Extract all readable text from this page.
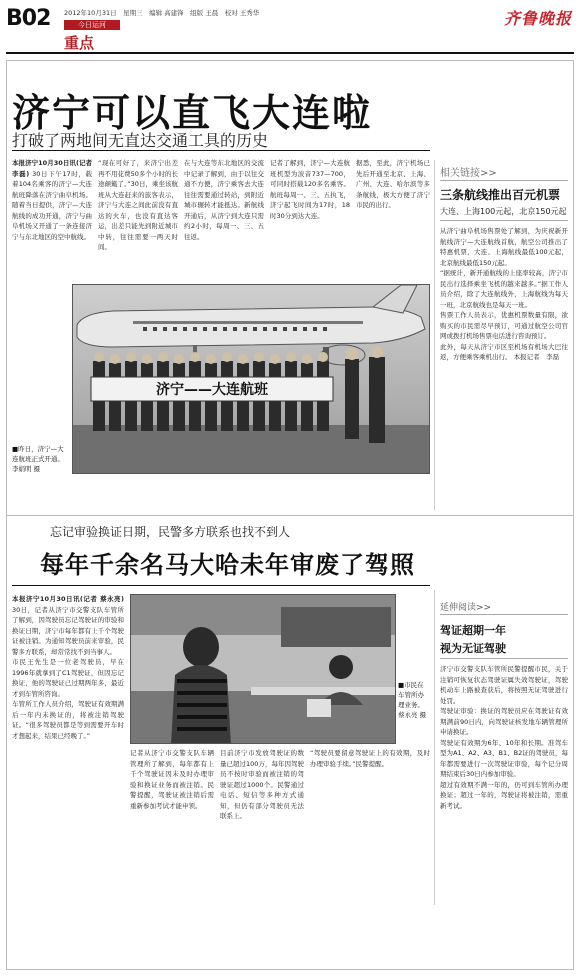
B02 2012年10月31日　星期三　编辑 高建锋　组版 王晨　校对 王秀华
今日运河
重点
齐鲁晚报
济宁可以直飞大连啦
打破了两地间无直达交通工具的历史
本报济宁10月30日讯(记者 李磊) 30日下午17时，载着104名乘客的济宁—大连航班降落在济宁曲阜机场。随着当日提供，济宁—大连航线的成功开通，济宁与曲阜机场又开通了一条连接济宁与东北地区的空中航线。
“现在可好了，来济宁出差再不用花费50多个小时的长途颠簸了。”30日，乘坐该航班从大连赶来的旅客表示，济宁与大连之间此前没有直达的火车，也没有直达客运，出差只能先到附近城市中转，往往需要一两天时间。
在与大连等东北地区的交流中记录了解到，由于以往交通不方便，济宁乘客去大连往往需要通过转站，到附近城市辗转才能抵达。新航线开通后，从济宁到大连只需约2小时，每周一、三、五往返。
记者了解到，济宁—大连航班机型为波音737—700，可同时搭载120多名乘客。航班每周一、三、五执飞，济宁起飞时间为17时，18时30分到达大连。
据悉，至此，济宁机场已先后开通至北京、上海、广州、大连、哈尔滨等多条航线，极大方便了济宁市民的出行。
济宁——大连航班
■昨日，济宁—大连航班正式开通。 李娟明 摄
相关链接>>
三条航线推出百元机票
大连、上海100元起，北京150元起

从济宁曲阜机场售票处了解到，为庆祝新开航线济宁—大连航线首航，航空公司推出了特惠机票，大连、上海航线最低100元起，北京航线最低150元起。

“据统计，新开通航线的上座率较高，济宁市民出行选择乘坐飞机的越来越多。”据工作人员介绍，除了大连航线外，上海航线为每天一班，北京航线也是每天一班。

售票工作人员表示，优惠机票数量有限，欲购买的市民需尽早预订，可通过航空公司官网或拨打机场售票电话进行咨询预订。

此外，每天从济宁市区至机场有机场大巴往返，方便乘客乘机出行。 本报记者　李磊

忘记审验换证日期，民警多方联系也找不到人
每年千余名马大哈未年审废了驾照
本报济宁10月30日讯(记者 蔡永亮) 30日，记者从济宁市交警支队车管所了解到，因驾驶员忘记驾驶证的审验和换证日期，济宁市每年都有上千个驾驶证被注销。为通知驾驶员前来审验，民警多方联系，却常常找不到当事人。

市民王先生是一位老驾驶员，早在1996年就拿到了C1驾驶证，但因忘记换证，他的驾驶证已过期两年多，最近才到车管所咨询。

车管所工作人员介绍，驾驶证有效期满后一年内未换证的，将被注销驾驶证。“很多驾驶员都是等到需要开车时才想起来，结果已经晚了。”

■市民在车管所办理业务。 蔡永亮 摄

记者从济宁市交警支队车辆管理所了解到，每年都有上千个驾驶证因未及时办理审验和换证业务而被注销。民警提醒，驾驶证被注销后需重新参加考试才能申领。

目前济宁市发放驾驶证的数量已超过100万，每年因驾驶员不按时审验而被注销的驾驶证超过1000个。民警通过电话、短信等多种方式通知，但仍有部分驾驶员无法联系上。

“驾驶员要留意驾驶证上的有效期，及时办理审验手续。”民警提醒。

延伸阅读>>
驾证超期一年
视为无证驾驶

济宁市交警支队车管所民警提醒市民，关于注销可恢复状态驾驶证属失效驾驶证，驾驶机动车上路被查获后，将按照无证驾驶进行处罚。

驾驶证审验：换证的驾驶员应在驾驶证有效期满前90日内，向驾驶证核发地车辆管理所申请换证。

驾驶证有效期为6年、10年和长期。准驾车型为A1、A2、A3、B1、B2证的驾驶员，每年都需要进行一次驾驶证审验，每个记分周期结束后30日内参加审验。

超过有效期不满一年的，仍可到车管所办理换证；超过一年的，驾驶证将被注销，需重新考试。
